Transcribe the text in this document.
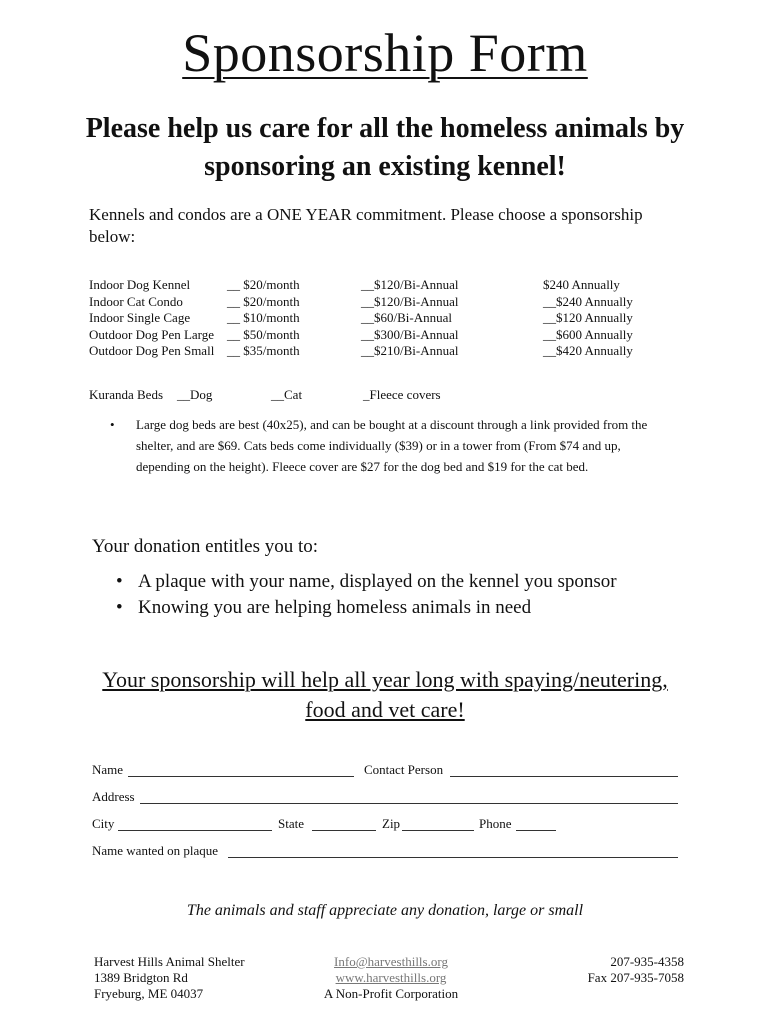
Sponsorship Form
Please help us care for all the homeless animals by sponsoring an existing kennel!
Kennels and condos are a ONE YEAR commitment. Please choose a sponsorship below:
Indoor Dog Kennel	__ $20/month	__$120/Bi-Annual	$240 Annually
Indoor Cat Condo	__ $20/month	__$120/Bi-Annual	__$240 Annually
Indoor Single Cage	__ $10/month	__$60/Bi-Annual	__$120 Annually
Outdoor Dog Pen Large __ $50/month	__$300/Bi-Annual	__$600 Annually
Outdoor Dog Pen Small __ $35/month	__$210/Bi-Annual	__$420 Annually
Kuranda Beds __Dog	__Cat	_Fleece covers
•	Large dog beds are best (40x25), and can be bought at a discount through a link provided from the shelter, and are $69. Cats beds come individually ($39) or in a tower from (From $74 and up, depending on the height). Fleece cover are $27 for the dog bed and $19 for the cat bed.
Your donation entitles you to:
• A plaque with your name, displayed on the kennel you sponsor
• Knowing you are helping homeless animals in need
Your sponsorship will help all year long with spaying/neutering,
food and vet care!
Name	Contact Person
Address
City	State	Zip	Phone
Name wanted on plaque
The animals and staff appreciate any donation, large or small
Harvest Hills Animal Shelter
1389 Bridgton Rd
Fryeburg, ME 04037
Info@harvesthills.org
www.harvesthills.org
A Non-Profit Corporation
207-935-4358
Fax 207-935-7058
